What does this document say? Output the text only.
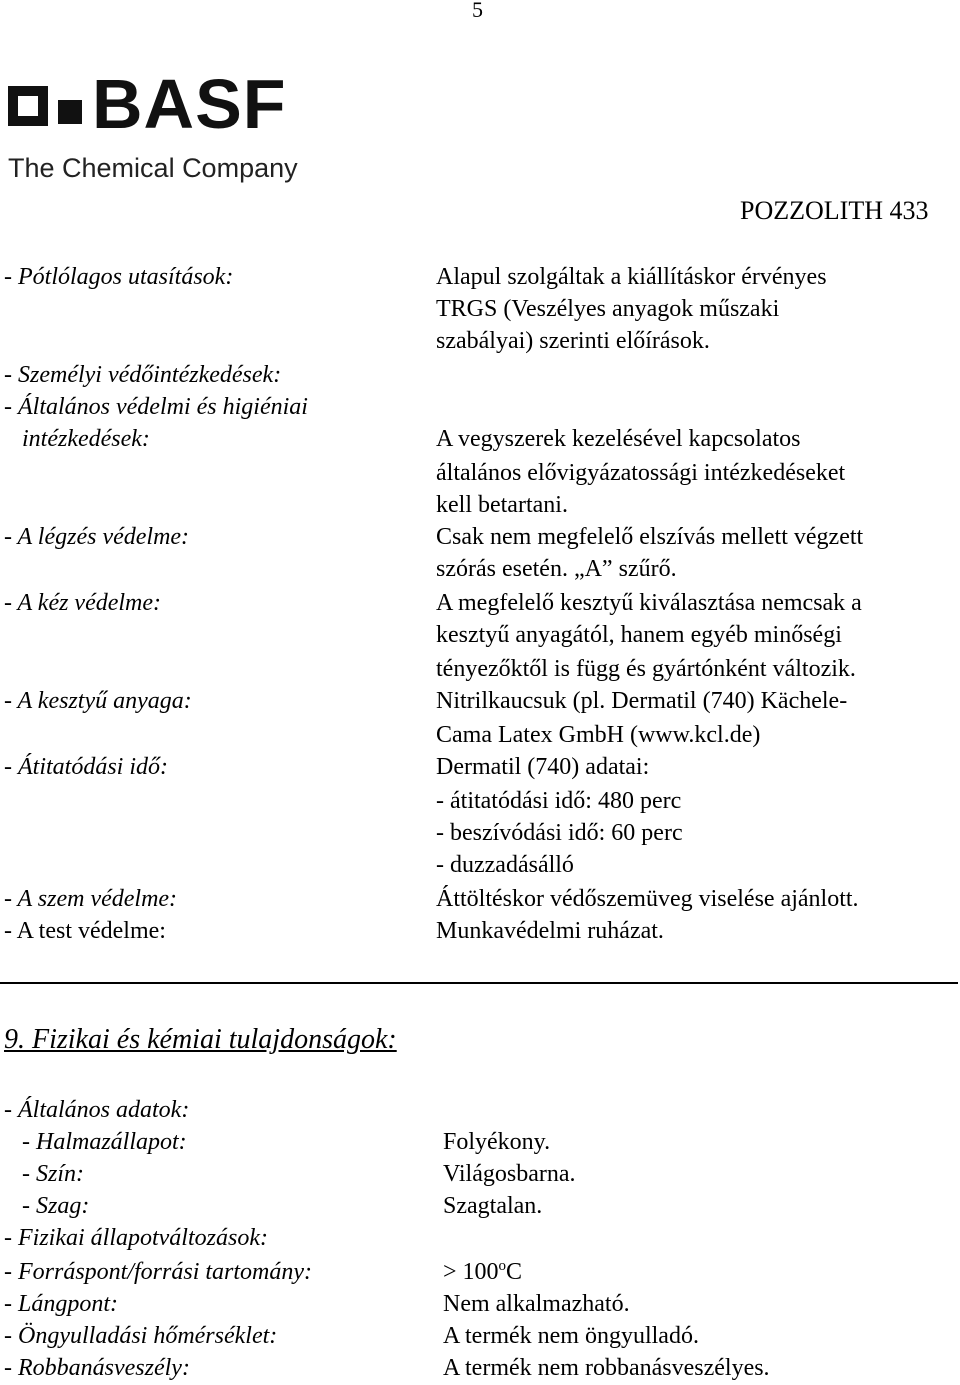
5
BASF
The Chemical Company
POZZOLITH 433
- Pótlólagos utasítások:	Alapul szolgáltak a kiállításkor érvényes
TRGS (Veszélyes anyagok műszaki
szabályai) szerinti előírások.
- Személyi védőintézkedések:
- Általános védelmi és higiéniai
intézkedések:	A vegyszerek kezelésével kapcsolatos
általános elővigyázatossági intézkedéseket
kell betartani.
- A légzés védelme:	Csak nem megfelelő elszívás mellett végzett
szórás esetén. „A” szűrő.
- A kéz védelme:	A megfelelő kesztyű kiválasztása nemcsak a
kesztyű anyagától, hanem egyéb minőségi
tényezőktől is függ és gyártónként változik.
- A kesztyű anyaga:	Nitrilkaucsuk (pl. Dermatil (740) Kächele-
Cama Latex GmbH (www.kcl.de)
- Átitatódási idő:	Dermatil (740) adatai:
- átitatódási idő: 480 perc
- beszívódási idő: 60 perc
- duzzadásálló
- A szem védelme:	Áttöltéskor védőszemüveg viselése ajánlott.
- A test védelme:	Munkavédelmi ruházat.
9. Fizikai és kémiai tulajdonságok:
- Általános adatok:
- Halmazállapot:	Folyékony.
- Szín:	Világosbarna.
- Szag:	Szagtalan.
- Fizikai állapotváltozások:
- Forráspont/forrási tartomány:	> $100^oC$
- Lángpont:	Nem alkalmazható.
- Öngyulladási hőmérséklet:	A termék nem öngyulladó.
- Robbanásveszély:	A termék nem robbanásveszélyes.
